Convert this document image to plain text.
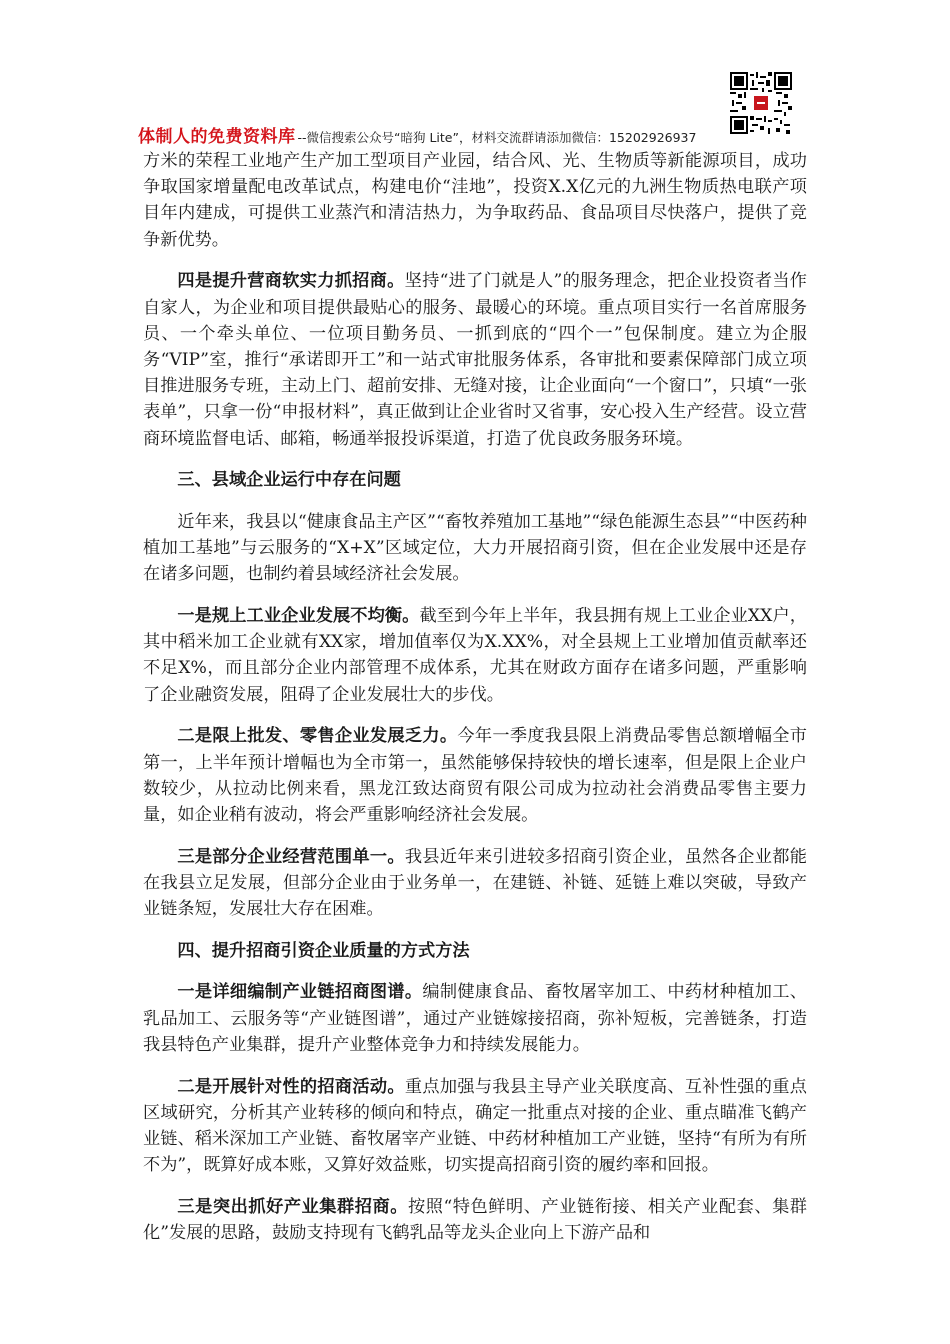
体制人的免费资料库 --微信搜索公众号“暗狗 Lite”，材料交流群请添加微信：15202926937

方米的荣程工业地产生产加工型项目产业园，结合风、光、生物质等新能源项目，成功争取国家增量配电改革试点，构建电价“洼地”，投资X.X亿元的九洲生物质热电联产项目年内建成，可提供工业蒸汽和清洁热力，为争取药品、食品项目尽快落户，提供了竞争新优势。

四是提升营商软实力抓招商。坚持“进了门就是人”的服务理念，把企业投资者当作自家人，为企业和项目提供最贴心的服务、最暖心的环境。重点项目实行一名首席服务员、一个牵头单位、一位项目勤务员、一抓到底的“四个一”包保制度。建立为企服务“VIP”室，推行“承诺即开工”和一站式审批服务体系，各审批和要素保障部门成立项目推进服务专班，主动上门、超前安排、无缝对接，让企业面向“一个窗口”，只填“一张表单”，只拿一份“申报材料”，真正做到让企业省时又省事，安心投入生产经营。设立营商环境监督电话、邮箱，畅通举报投诉渠道，打造了优良政务服务环境。

三、县域企业运行中存在问题

近年来，我县以“健康食品主产区”“畜牧养殖加工基地”“绿色能源生态县”“中医药种植加工基地”与云服务的“X+X”区域定位，大力开展招商引资，但在企业发展中还是存在诸多问题，也制约着县域经济社会发展。

一是规上工业企业发展不均衡。截至到今年上半年，我县拥有规上工业企业XX户，其中稻米加工企业就有XX家，增加值率仅为X.XX%，对全县规上工业增加值贡献率还不足X%，而且部分企业内部管理不成体系，尤其在财政方面存在诸多问题，严重影响了企业融资发展，阻碍了企业发展壮大的步伐。

二是限上批发、零售企业发展乏力。今年一季度我县限上消费品零售总额增幅全市第一，上半年预计增幅也为全市第一，虽然能够保持较快的增长速率，但是限上企业户数较少，从拉动比例来看，黑龙江致达商贸有限公司成为拉动社会消费品零售主要力量，如企业稍有波动，将会严重影响经济社会发展。

三是部分企业经营范围单一。我县近年来引进较多招商引资企业，虽然各企业都能在我县立足发展，但部分企业由于业务单一，在建链、补链、延链上难以突破，导致产业链条短，发展壮大存在困难。

四、提升招商引资企业质量的方式方法

一是详细编制产业链招商图谱。编制健康食品、畜牧屠宰加工、中药材种植加工、乳品加工、云服务等“产业链图谱”，通过产业链嫁接招商，弥补短板，完善链条，打造我县特色产业集群，提升产业整体竞争力和持续发展能力。

二是开展针对性的招商活动。重点加强与我县主导产业关联度高、互补性强的重点区域研究，分析其产业转移的倾向和特点，确定一批重点对接的企业、重点瞄准飞鹤产业链、稻米深加工产业链、畜牧屠宰产业链、中药材种植加工产业链，坚持“有所为有所不为”，既算好成本账，又算好效益账，切实提高招商引资的履约率和回报。

三是突出抓好产业集群招商。按照“特色鲜明、产业链衔接、相关产业配套、集群化”发展的思路，鼓励支持现有飞鹤乳品等龙头企业向上下游产品和
